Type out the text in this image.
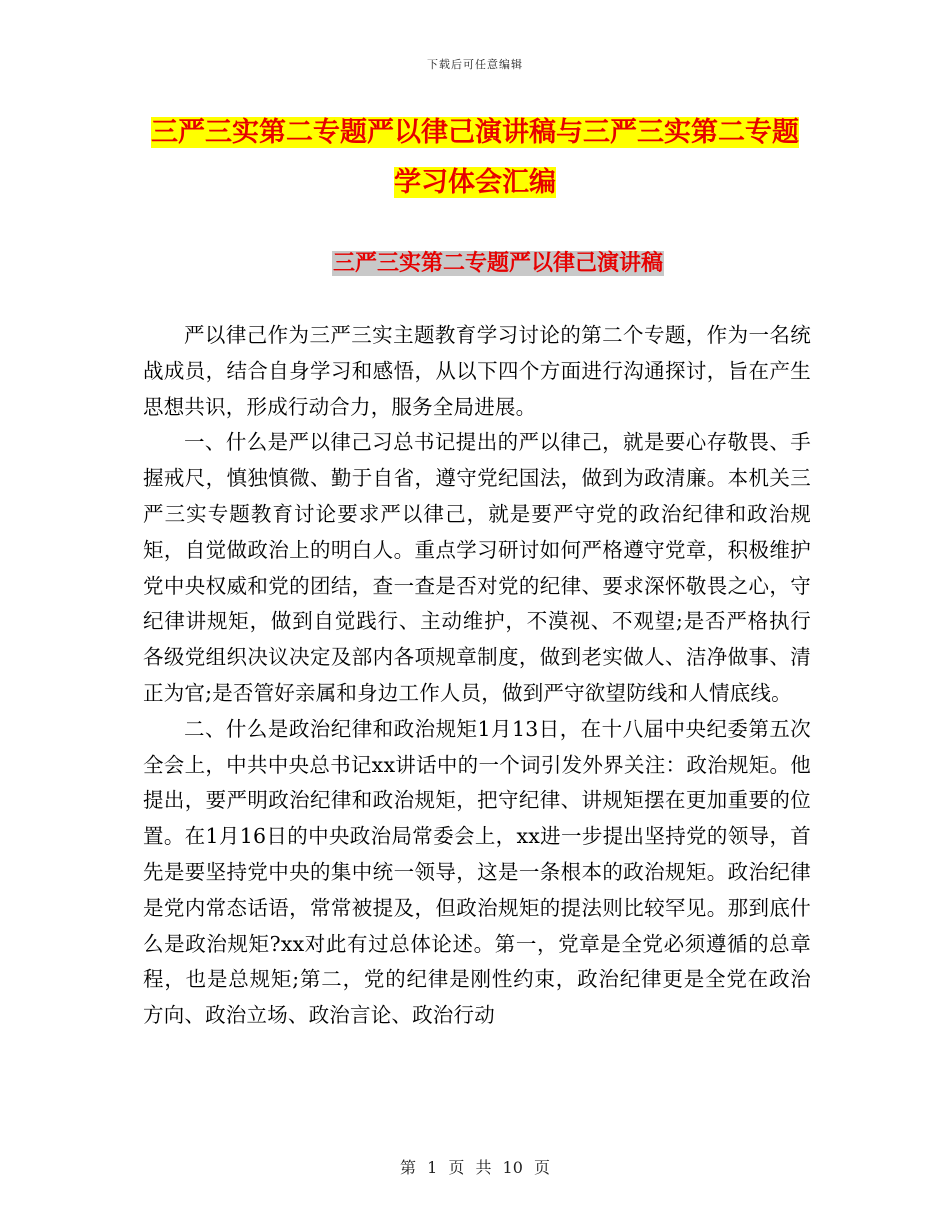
下载后可任意编辑
三严三实第二专题严以律己演讲稿与三严三实第二专题学习体会汇编
三严三实第二专题严以律己演讲稿

严以律己作为三严三实主题教育学习讨论的第二个专题，作为一名统战成员，结合自身学习和感悟，从以下四个方面进行沟通探讨，旨在产生思想共识，形成行动合力，服务全局进展。

一、什么是严以律己习总书记提出的严以律己，就是要心存敬畏、手握戒尺，慎独慎微、勤于自省，遵守党纪国法，做到为政清廉。本机关三严三实专题教育讨论要求严以律己，就是要严守党的政治纪律和政治规矩，自觉做政治上的明白人。重点学习研讨如何严格遵守党章，积极维护党中央权威和党的团结，查一查是否对党的纪律、要求深怀敬畏之心，守纪律讲规矩，做到自觉践行、主动维护，不漠视、不观望;是否严格执行各级党组织决议决定及部内各项规章制度，做到老实做人、洁净做事、清正为官;是否管好亲属和身边工作人员，做到严守欲望防线和人情底线。

二、什么是政治纪律和政治规矩1月13日，在十八届中央纪委第五次全会上，中共中央总书记xx讲话中的一个词引发外界关注：政治规矩。他提出，要严明政治纪律和政治规矩，把守纪律、讲规矩摆在更加重要的位置。在1月16日的中央政治局常委会上，xx进一步提出坚持党的领导，首先是要坚持党中央的集中统一领导，这是一条根本的政治规矩。政治纪律是党内常态话语，常常被提及，但政治规矩的提法则比较罕见。那到底什么是政治规矩?xx对此有过总体论述。第一，党章是全党必须遵循的总章程，也是总规矩;第二，党的纪律是刚性约束，政治纪律更是全党在政治方向、政治立场、政治言论、政治行动

第 1 页 共 10 页
